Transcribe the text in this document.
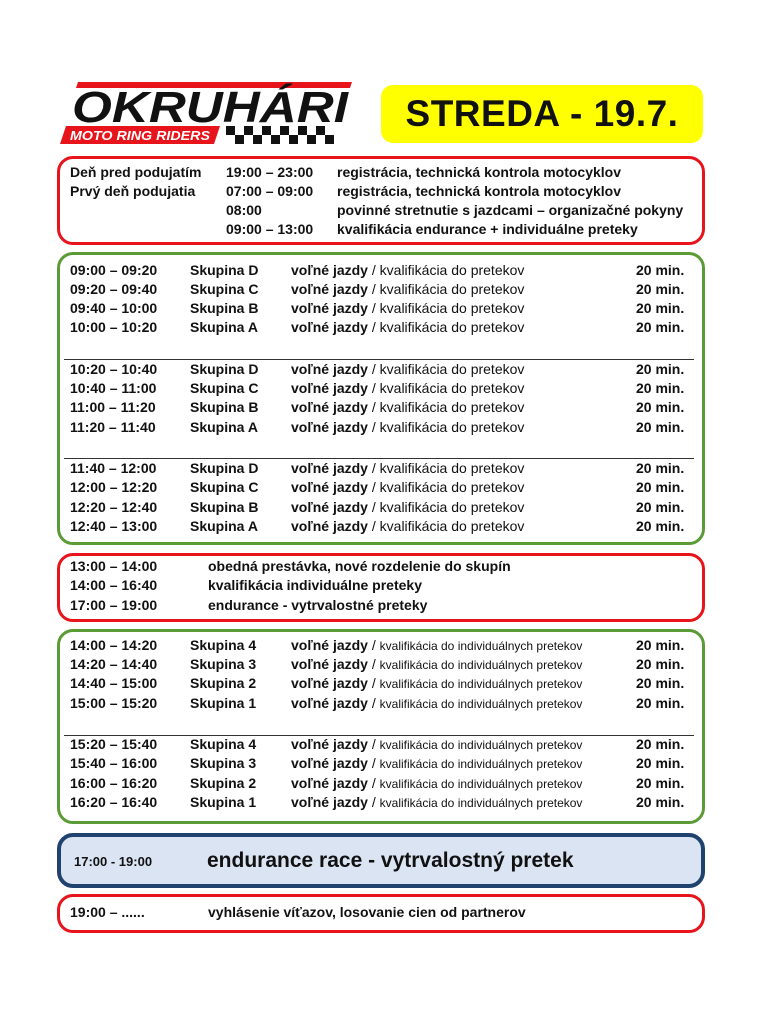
OKRUHÁRI
MOTO RING RIDERS
STREDA - 19.7.
Deň pred podujatím 19:00 – 23:00 registrácia, technická kontrola motocyklov
Prvý deň podujatia 07:00 – 09:00 registrácia, technická kontrola motocyklov
08:00	povinné stretnutie s jazdcami – organizačné pokyny
09:00 – 13:00 kvalifikácia endurance + individuálne preteky
09:00 – 09:20 Skupina D voľné jazdy / kvalifikácia do pretekov	20 min.
09:20 – 09:40 Skupina C voľné jazdy / kvalifikácia do pretekov	20 min.
09:40 – 10:00 Skupina B voľné jazdy / kvalifikácia do pretekov	20 min.
10:00 – 10:20 Skupina A voľné jazdy / kvalifikácia do pretekov	20 min.
10:20 – 10:40 Skupina D voľné jazdy / kvalifikácia do pretekov	20 min.
10:40 – 11:00 Skupina C voľné jazdy / kvalifikácia do pretekov	20 min.
11:00 – 11:20 Skupina B voľné jazdy / kvalifikácia do pretekov	20 min.
11:20 – 11:40 Skupina A voľné jazdy / kvalifikácia do pretekov	20 min.
11:40 – 12:00 Skupina D voľné jazdy / kvalifikácia do pretekov	20 min.
12:00 – 12:20 Skupina C voľné jazdy / kvalifikácia do pretekov	20 min.
12:20 – 12:40 Skupina B voľné jazdy / kvalifikácia do pretekov	20 min.
12:40 – 13:00 Skupina A voľné jazdy / kvalifikácia do pretekov	20 min.
13:00 – 14:00	obedná prestávka, nové rozdelenie do skupín
14:00 – 16:40	kvalifikácia individuálne preteky
17:00 – 19:00	endurance - vytrvalostné preteky
14:00 – 14:20 Skupina 4 voľné jazdy / kvalifikácia do individuálnych pretekov	20 min.
14:20 – 14:40 Skupina 3 voľné jazdy / kvalifikácia do individuálnych pretekov	20 min.
14:40 – 15:00 Skupina 2 voľné jazdy / kvalifikácia do individuálnych pretekov	20 min.
15:00 – 15:20 Skupina 1 voľné jazdy / kvalifikácia do individuálnych pretekov	20 min.
15:20 – 15:40 Skupina 4 voľné jazdy / kvalifikácia do individuálnych pretekov	20 min.
15:40 – 16:00 Skupina 3 voľné jazdy / kvalifikácia do individuálnych pretekov	20 min.
16:00 – 16:20 Skupina 2 voľné jazdy / kvalifikácia do individuálnych pretekov	20 min.
16:20 – 16:40 Skupina 1 voľné jazdy / kvalifikácia do individuálnych pretekov	20 min.
17:00 - 19:00	endurance race - vytrvalostný pretek
19:00 – ......	vyhlásenie víťazov, losovanie cien od partnerov
